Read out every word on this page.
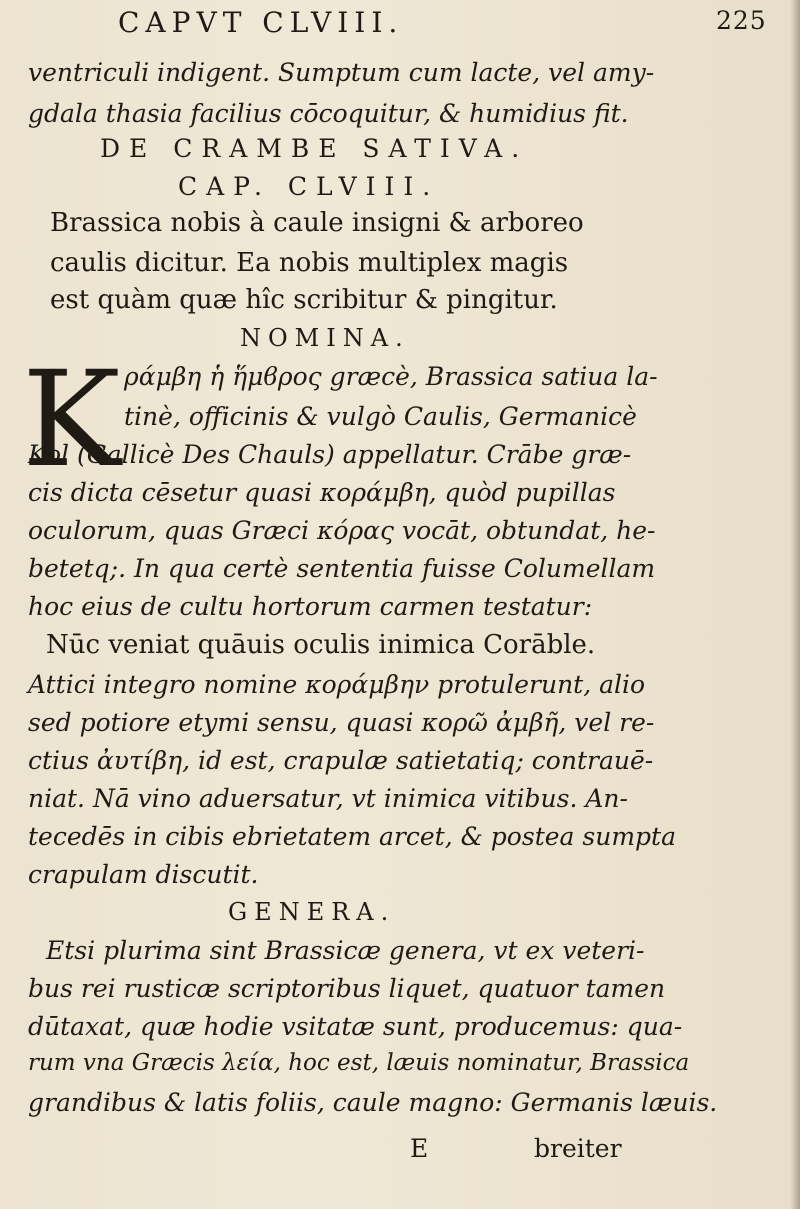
CAPVT CLVIII.	225
ventriculi indigent. Sumptum cum lacte, vel amy-
gdala thasia facilius cōcoquitur, & humidius fit.
DE CRAMBE SATIVA.
CAP. CLVIII.
Brassica nobis à caule insigni & arboreo
caulis dicitur. Ea nobis multiplex magis
est quàm quæ hîc scribitur & pingitur.
NOMINA.
K ράμβη ἡ ἥμϐρος græcè, Brassica satiua la-
tinè, officinis & vulgò Caulis, Germanicè
Kol (Gallicè Des Chauls) appellatur. Crābe græ-
cis dicta cēsetur quasi κοράμβη, quòd pupillas
oculorum, quas Græci κόρας vocāt, obtundat, he-
betetq;. In qua certè sententia fuisse Columellam
hoc eius de cultu hortorum carmen testatur:
Nūc veniat quāuis oculis inimica Corāble.
Attici integro nomine κοράμβην protulerunt, alio
sed potiore etymi sensu, quasi κορῶ ἀμβῆ, vel re-
ctius ἀυτίβη, id est, crapulæ satietatiq; contrauē-
niat. Nā vino aduersatur, vt inimica vitibus. An-
tecedēs in cibis ebrietatem arcet, & postea sumpta
crapulam discutit.
GENERA.
Etsi plurima sint Brassicæ genera, vt ex veteri-
bus rei rusticæ scriptoribus liquet, quatuor tamen
dūtaxat, quæ hodie vsitatæ sunt, producemus: qua-
rum vna Græcis λεία, hoc est, læuis nominatur, Brassica
grandibus & latis foliis, caule magno: Germanis læuis.
E	breiter
